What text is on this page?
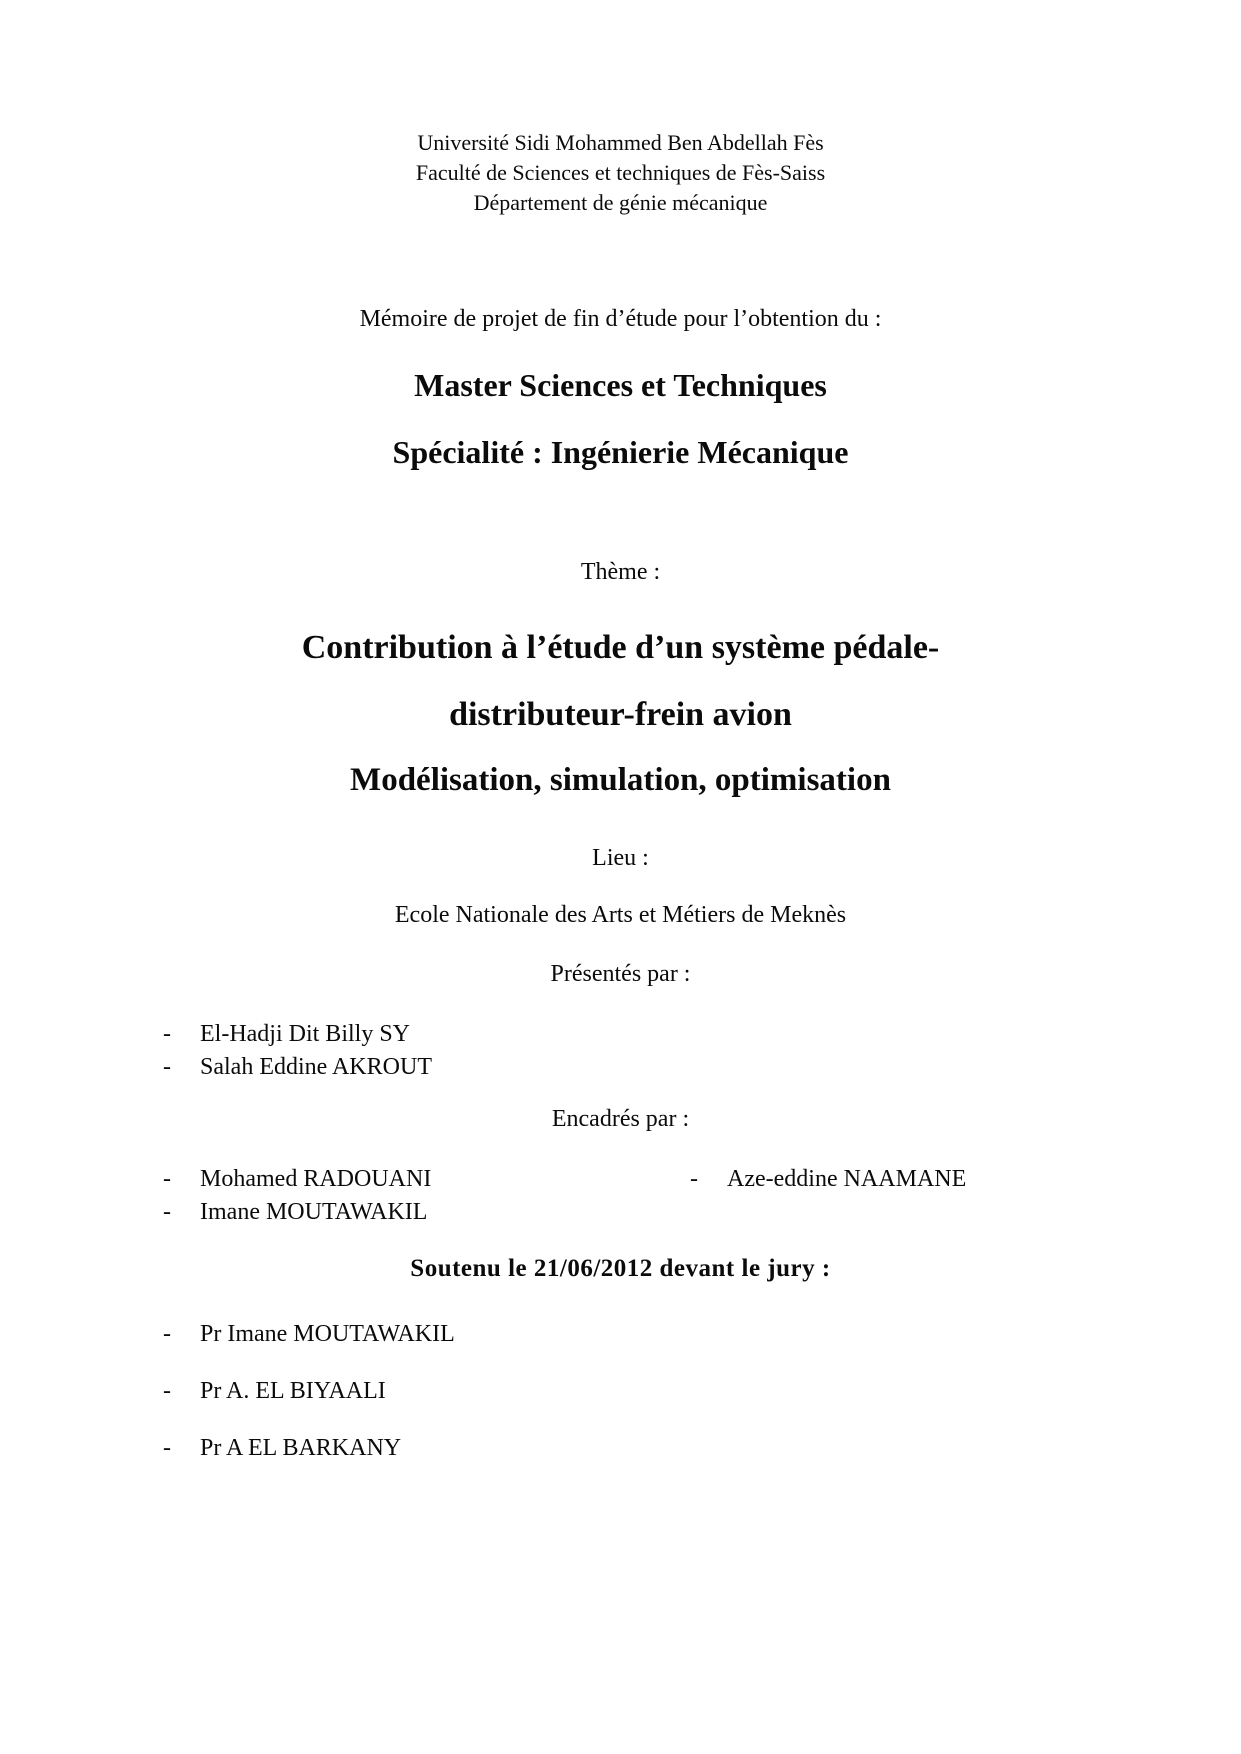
Université Sidi Mohammed Ben Abdellah Fès
Faculté de Sciences et techniques de Fès-Saiss
Département de génie mécanique
Mémoire de projet de fin d’étude pour l’obtention du :
Master Sciences et Techniques
Spécialité : Ingénierie Mécanique
Thème :
Contribution à l’étude d’un système pédale-
distributeur-frein avion
Modélisation, simulation, optimisation
Lieu :
Ecole Nationale des Arts et Métiers de Meknès
Présentés par :
-	El-Hadji Dit Billy SY
-	Salah Eddine AKROUT
Encadrés par :
-	Mohamed RADOUANI	-	Aze-eddine NAAMANE
-	Imane MOUTAWAKIL
Soutenu le 21/06/2012 devant le jury :
-	Pr Imane MOUTAWAKIL
-	Pr A. EL BIYAALI
-	Pr A EL BARKANY
